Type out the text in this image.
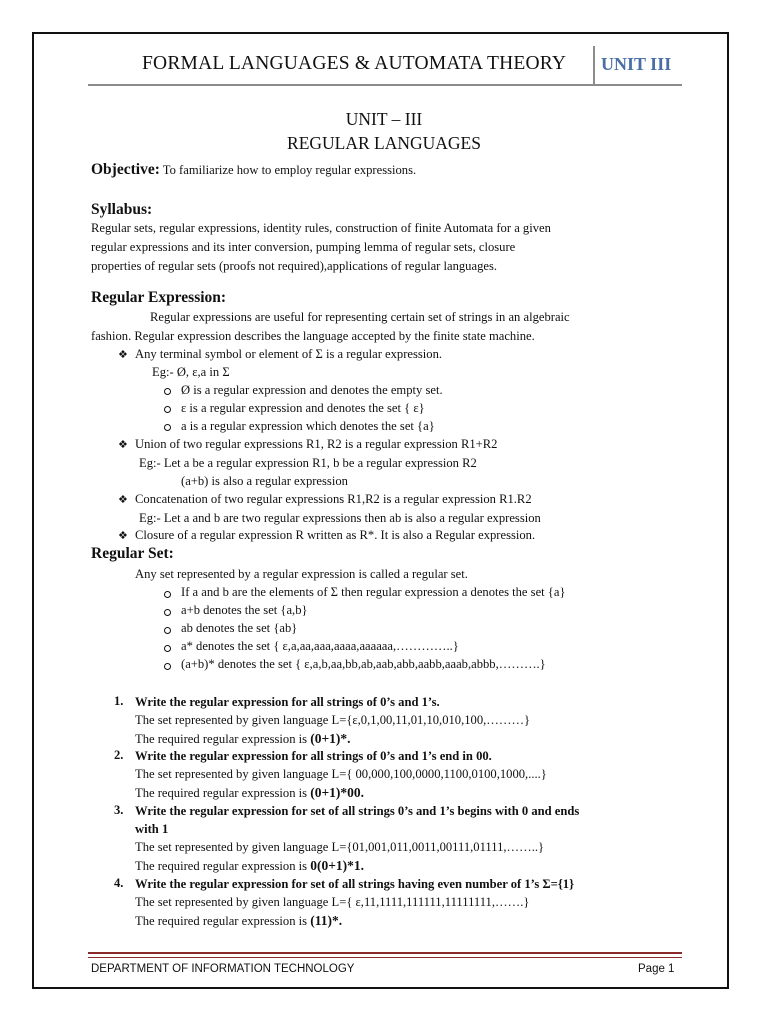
FORMAL LANGUAGES & AUTOMATA THEORY UNIT III
UNIT – III
REGULAR LANGUAGES
Objective: To familiarize how to employ regular expressions.
Syllabus:
Regular sets, regular expressions, identity rules, construction of finite Automata for a given
regular expressions and its inter conversion, pumping lemma of regular sets, closure
properties of regular sets (proofs not required),applications of regular languages.
Regular Expression:
Regular expressions are useful for representing certain set of strings in an algebraic
fashion. Regular expression describes the language accepted by the finite state machine.
❖ Any terminal symbol or element of Σ is a regular expression.
Eg:- Ø, ε,a in Σ
Ø is a regular expression and denotes the empty set.
ε is a regular expression and denotes the set { ε}
a is a regular expression which denotes the set {a}
❖ Union of two regular expressions R1, R2 is a regular expression R1+R2
Eg:- Let a be a regular expression R1, b be a regular expression R2
(a+b) is also a regular expression
❖ Concatenation of two regular expressions R1,R2 is a regular expression R1.R2
Eg:- Let a and b are two regular expressions then ab is also a regular expression
❖ Closure of a regular expression R written as R*. It is also a Regular expression.
Regular Set:
Any set represented by a regular expression is called a regular set.
If a and b are the elements of Σ then regular expression a denotes the set {a}
a+b denotes the set {a,b}
ab denotes the set {ab}
a* denotes the set { ε,a,aa,aaa,aaaa,aaaaaa,…………..}
(a+b)* denotes the set { ε,a,b,aa,bb,ab,aab,abb,aabb,aaab,abbb,……….}
1. Write the regular expression for all strings of 0’s and 1’s.
The set represented by given language L={ε,0,1,00,11,01,10,010,100,………}
The required regular expression is (0+1)*.
2. Write the regular expression for all strings of 0’s and 1’s end in 00.
The set represented by given language L={ 00,000,100,0000,1100,0100,1000,....}
The required regular expression is (0+1)*00.
3. Write the regular expression for set of all strings 0’s and 1’s begins with 0 and ends
with 1
The set represented by given language L={01,001,011,0011,00111,01111,……..}
The required regular expression is 0(0+1)*1.
4. Write the regular expression for set of all strings having even number of 1’s Σ={1}
The set represented by given language L={ ε,11,1111,111111,11111111,…….}
The required regular expression is (11)*.
DEPARTMENT OF INFORMATION TECHNOLOGY	Page 1
